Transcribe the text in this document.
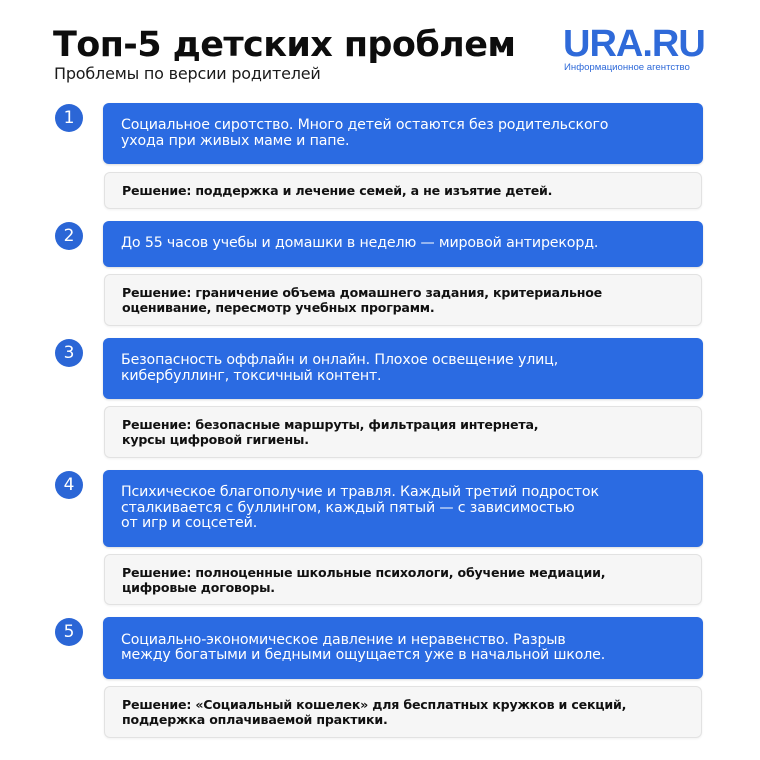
Топ-5 детских проблем
Проблемы по версии родителей
URA.RU
Информационное агентство
1	Социальное сиротство. Много детей остаются без родительского
ухода при живых маме и папе.
Решение: поддержка и лечение семей, а не изъятие детей.
2	До 55 часов учебы и домашки в неделю — мировой антирекорд.
Решение: граничение объема домашнего задания, критериальное
оценивание, пересмотр учебных программ.
3	Безопасность оффлайн и онлайн. Плохое освещение улиц,
кибербуллинг, токсичный контент.
Решение: безопасные маршруты, фильтрация интернета,
курсы цифровой гигиены.
4	Психическое благополучие и травля. Каждый третий подросток
сталкивается с буллингом, каждый пятый — с зависимостью
от игр и соцсетей.
Решение: полноценные школьные психологи, обучение медиации,
цифровые договоры.
5	Социально-экономическое давление и неравенство. Разрыв
между богатыми и бедными ощущается уже в начальной школе.
Решение: «Социальный кошелек» для бесплатных кружков и секций,
поддержка оплачиваемой практики.
